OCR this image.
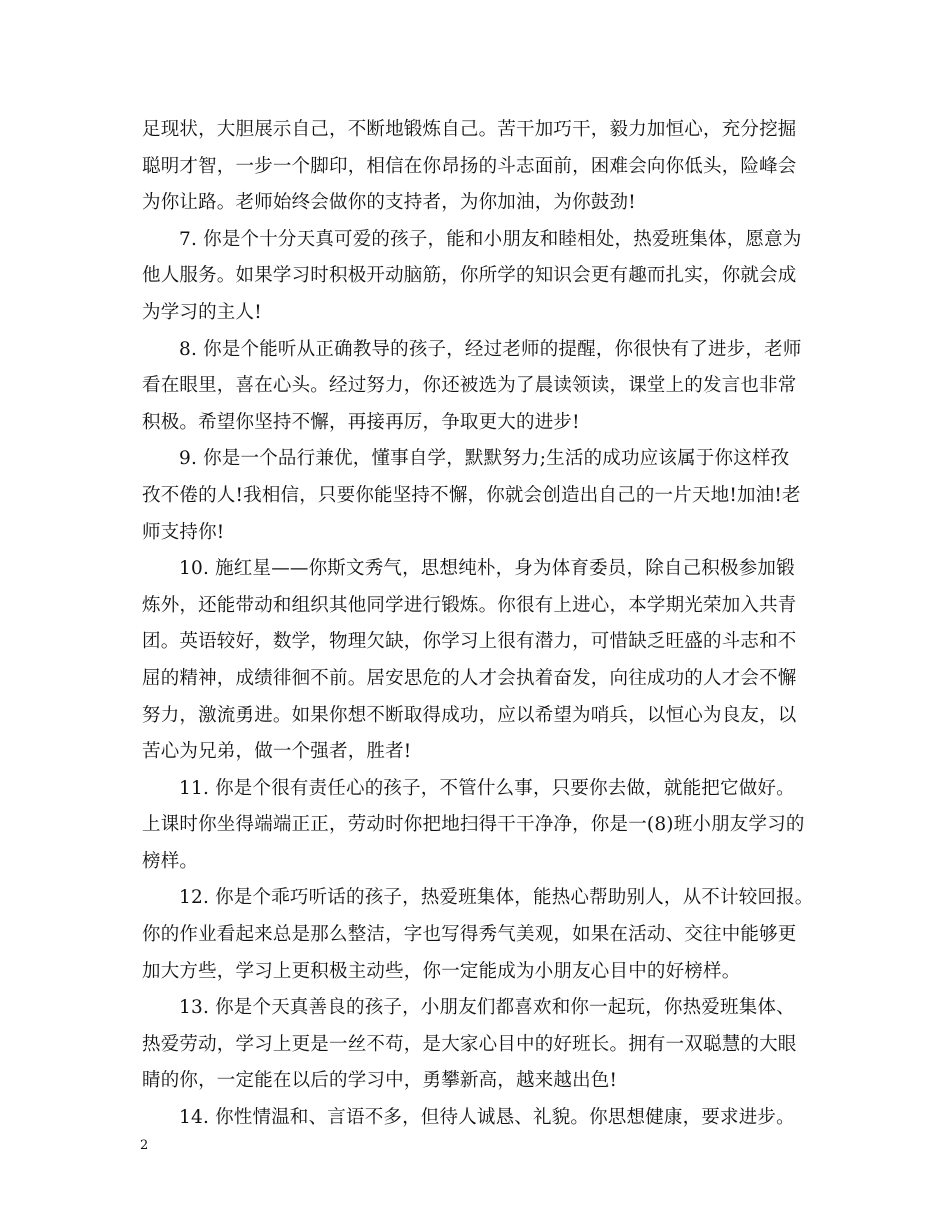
足现状，大胆展示自己，不断地锻炼自己。苦干加巧干，毅力加恒心，充分挖掘
聪明才智，一步一个脚印，相信在你昂扬的斗志面前，困难会向你低头，险峰会
为你让路。老师始终会做你的支持者，为你加油，为你鼓劲!
7. 你是个十分天真可爱的孩子，能和小朋友和睦相处，热爱班集体，愿意为
他人服务。如果学习时积极开动脑筋，你所学的知识会更有趣而扎实，你就会成
为学习的主人!
8. 你是个能听从正确教导的孩子，经过老师的提醒，你很快有了进步，老师
看在眼里，喜在心头。经过努力，你还被选为了晨读领读，课堂上的发言也非常
积极。希望你坚持不懈，再接再厉，争取更大的进步!
9. 你是一个品行兼优，懂事自学，默默努力;生活的成功应该属于你这样孜
孜不倦的人!我相信，只要你能坚持不懈，你就会创造出自己的一片天地!加油!老
师支持你!
10. 施红星——你斯文秀气，思想纯朴，身为体育委员，除自己积极参加锻
炼外，还能带动和组织其他同学进行锻炼。你很有上进心，本学期光荣加入共青
团。英语较好，数学，物理欠缺，你学习上很有潜力，可惜缺乏旺盛的斗志和不
屈的精神，成绩徘徊不前。居安思危的人才会执着奋发，向往成功的人才会不懈
努力，激流勇进。如果你想不断取得成功，应以希望为哨兵，以恒心为良友，以
苦心为兄弟，做一个强者，胜者!
11. 你是个很有责任心的孩子，不管什么事，只要你去做，就能把它做好。
上课时你坐得端端正正，劳动时你把地扫得干干净净，你是一(8)班小朋友学习的
榜样。
12. 你是个乖巧听话的孩子，热爱班集体，能热心帮助别人，从不计较回报。
你的作业看起来总是那么整洁，字也写得秀气美观，如果在活动、交往中能够更
加大方些，学习上更积极主动些，你一定能成为小朋友心目中的好榜样。
13. 你是个天真善良的孩子，小朋友们都喜欢和你一起玩，你热爱班集体、
热爱劳动，学习上更是一丝不苟，是大家心目中的好班长。拥有一双聪慧的大眼
睛的你，一定能在以后的学习中，勇攀新高，越来越出色!
14. 你性情温和、言语不多，但待人诚恳、礼貌。你思想健康，要求进步。
2
